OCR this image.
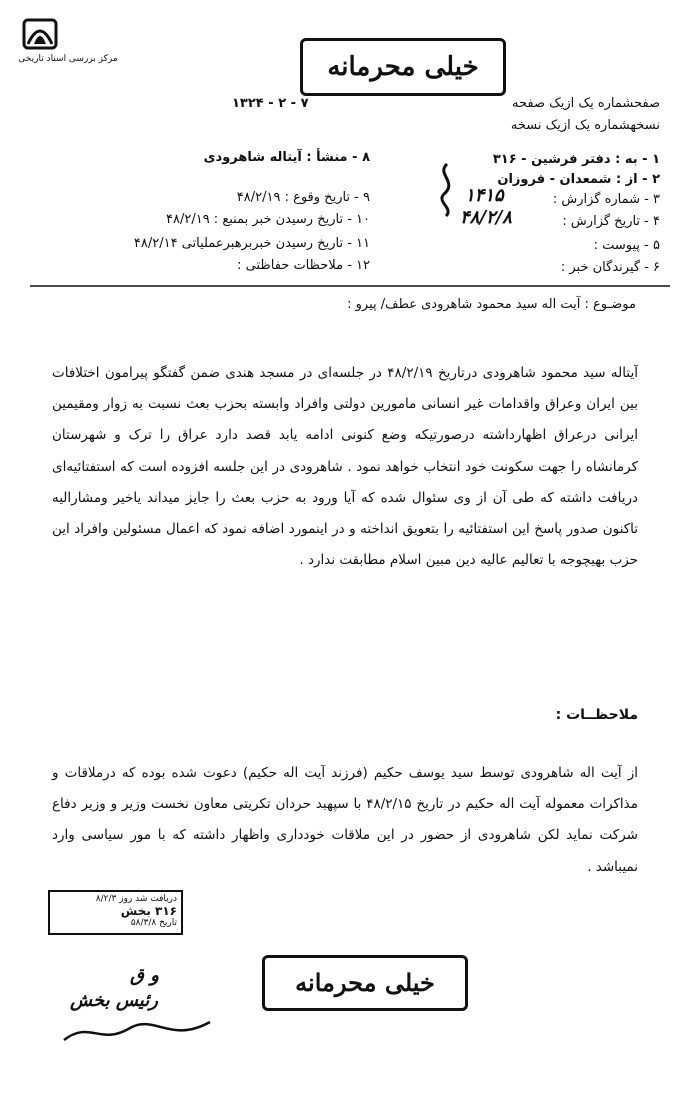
مرکز بررسی اسناد تاریخی	خیلی محرمانه
صفحشماره یک ازیک صفحه
نسخهشماره یک ازیک نسخه
۱ - به : دفتر فرشین - ۳۱۶
۲ - از : شمعدان - فروزان
۳ - شماره گزارش :
۴ - تاریخ گزارش :
۵ - پیوست :
۶ - گیرندگان خبر :
۱۴۱۵
۴۸/۲/۸
۷ - ۲ - ۱۳۲۴
۸ - منشأ : آیتاله شاهرودی
۹ - تاریخ وقوع : ۴۸/۲/۱۹
۱۰ - تاریخ رسیدن خبر بمنبع : ۴۸/۲/۱۹
۱۱ - تاریخ رسیدن خبربرهبرعملیاتی ۴۸/۲/۱۴
۱۲ - ملاحظات حفاظتی :
موضـوع : آیت اله سید محمود شاهرودی عطف/ پیرو :

آیتاله سید محمود شاهرودی درتاریخ ۴۸/۲/۱۹ در جلسه‌ای در مسجد هندی ضمن گفتگو پیرامون اختلافات بین ایران وعراق واقدامات غیر انسانی مامورین دولتی وافراد وابسته بحزب بعث نسبت به زوار ومقیمین ایرانی درعراق اظهارداشته درصورتیکه وضع کنونی ادامه یابد قصد دارد عراق را ترک و شهرستان کرمانشاه را جهت سکونت خود انتخاب خواهد نمود . شاهرودی در این جلسه افزوده است که استفتائیه‌ای دریافت داشته که طی آن از وی سئوال شده که آیا ورود به حزب بعث را جایز میداند یاخیر ومشارالیه تاکنون صدور پاسخ این استفتائیه را بتعویق انداخته و در اینمورد اضافه نمود که اعمال مسئولین وافراد این حزب بهیچوجه با تعالیم عالیه دین مبین اسلام مطابقت ندارد .

ملاحظــات :

از آیت اله شاهرودی توسط سید یوسف حکیم (فرزند آیت اله حکیم) دعوت شده بوده که درملاقات و مذاکرات معموله آیت اله حکیم در تاریخ ۴۸/۲/۱۵ با سپهبد حردان تکریتی معاون نخست وزیر و وزیر دفاع شرکت نماید لکن شاهرودی از حضور در این ملاقات خودداری واظهار داشته که با مور سیاسی وارد نمیباشد .

دریافت شد روز ۸/۲/۳
۳۱۶ بخش
تاریخ ۵۸/۳/۸
خیلی محرمانه
و ق
رئیس بخش
